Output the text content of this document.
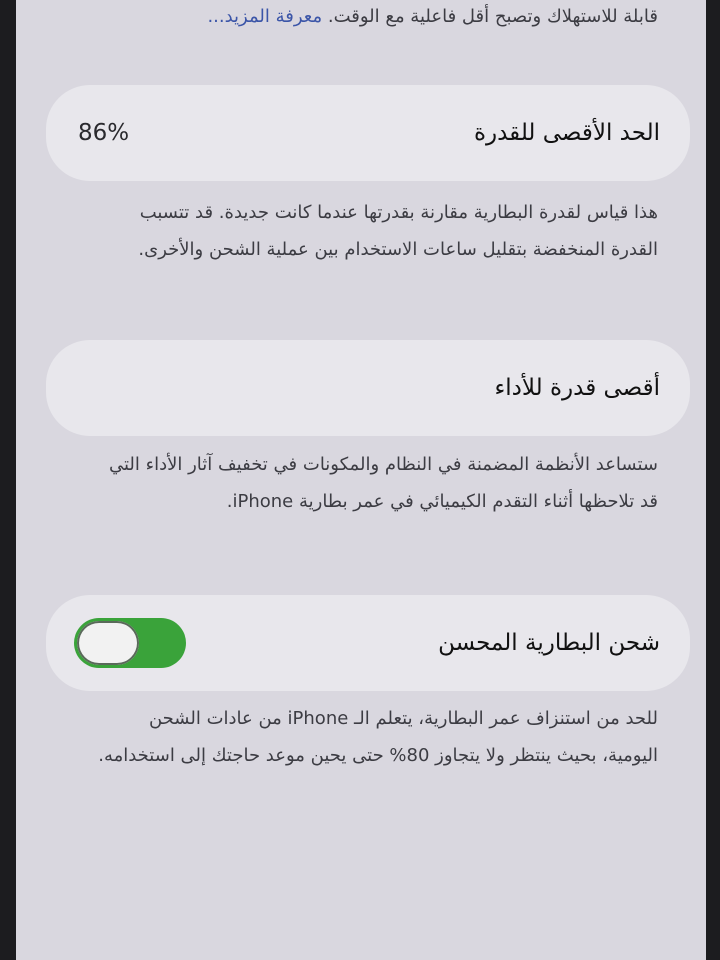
قابلة للاستهلاك وتصبح أقل فاعلية مع الوقت. معرفة المزيد...
الحد الأقصى للقدرة
86%
هذا قياس لقدرة البطارية مقارنة بقدرتها عندما كانت جديدة. قد تتسبب القدرة المنخفضة بتقليل ساعات الاستخدام بين عملية الشحن والأخرى.
أقصى قدرة للأداء
ستساعد الأنظمة المضمنة في النظام والمكونات في تخفيف آثار الأداء التي قد تلاحظها أثناء التقدم الكيميائي في عمر بطارية iPhone.
شحن البطارية المحسن
للحد من استنزاف عمر البطارية، يتعلم الـ iPhone من عادات الشحن اليومية، بحيث ينتظر ولا يتجاوز 80% حتى يحين موعد حاجتك إلى استخدامه.
